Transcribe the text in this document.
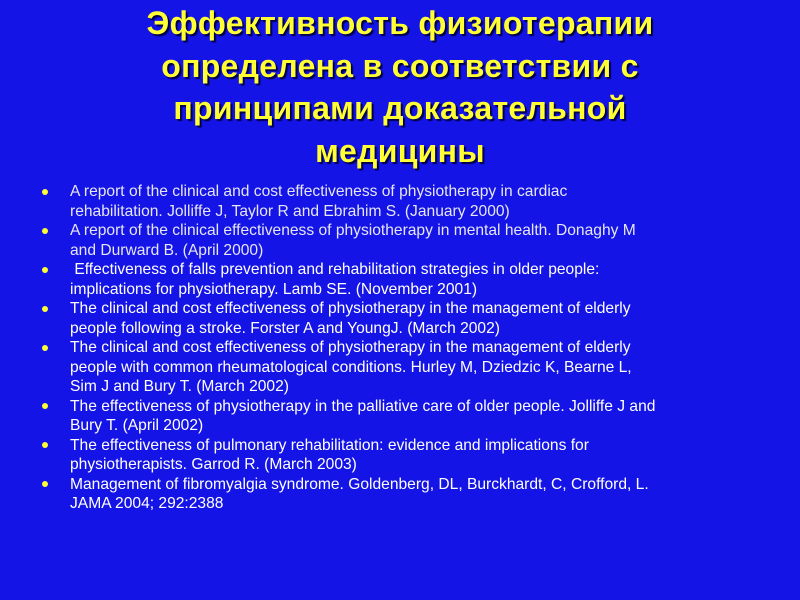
Эффективность физиотерапии
определена в соответствии с
принципами доказательной
медицины
A report of the clinical and cost effectiveness of physiotherapy in cardiac
rehabilitation. Jolliffe J, Taylor R and Ebrahim S. (January 2000)
A report of the clinical effectiveness of physiotherapy in mental health. Donaghy M
and Durward B. (April 2000)
Effectiveness of falls prevention and rehabilitation strategies in older people:
implications for physiotherapy. Lamb SE. (November 2001)
The clinical and cost effectiveness of physiotherapy in the management of elderly
people following a stroke. Forster A and YoungJ. (March 2002)
The clinical and cost effectiveness of physiotherapy in the management of elderly
people with common rheumatological conditions. Hurley M, Dziedzic K, Bearne L,
Sim J and Bury T. (March 2002)
The effectiveness of physiotherapy in the palliative care of older people. Jolliffe J and
Bury T. (April 2002)
The effectiveness of pulmonary rehabilitation: evidence and implications for
physiotherapists. Garrod R. (March 2003)
Management of fibromyalgia syndrome. Goldenberg, DL, Burckhardt, C, Crofford, L.
JAMA 2004; 292:2388
